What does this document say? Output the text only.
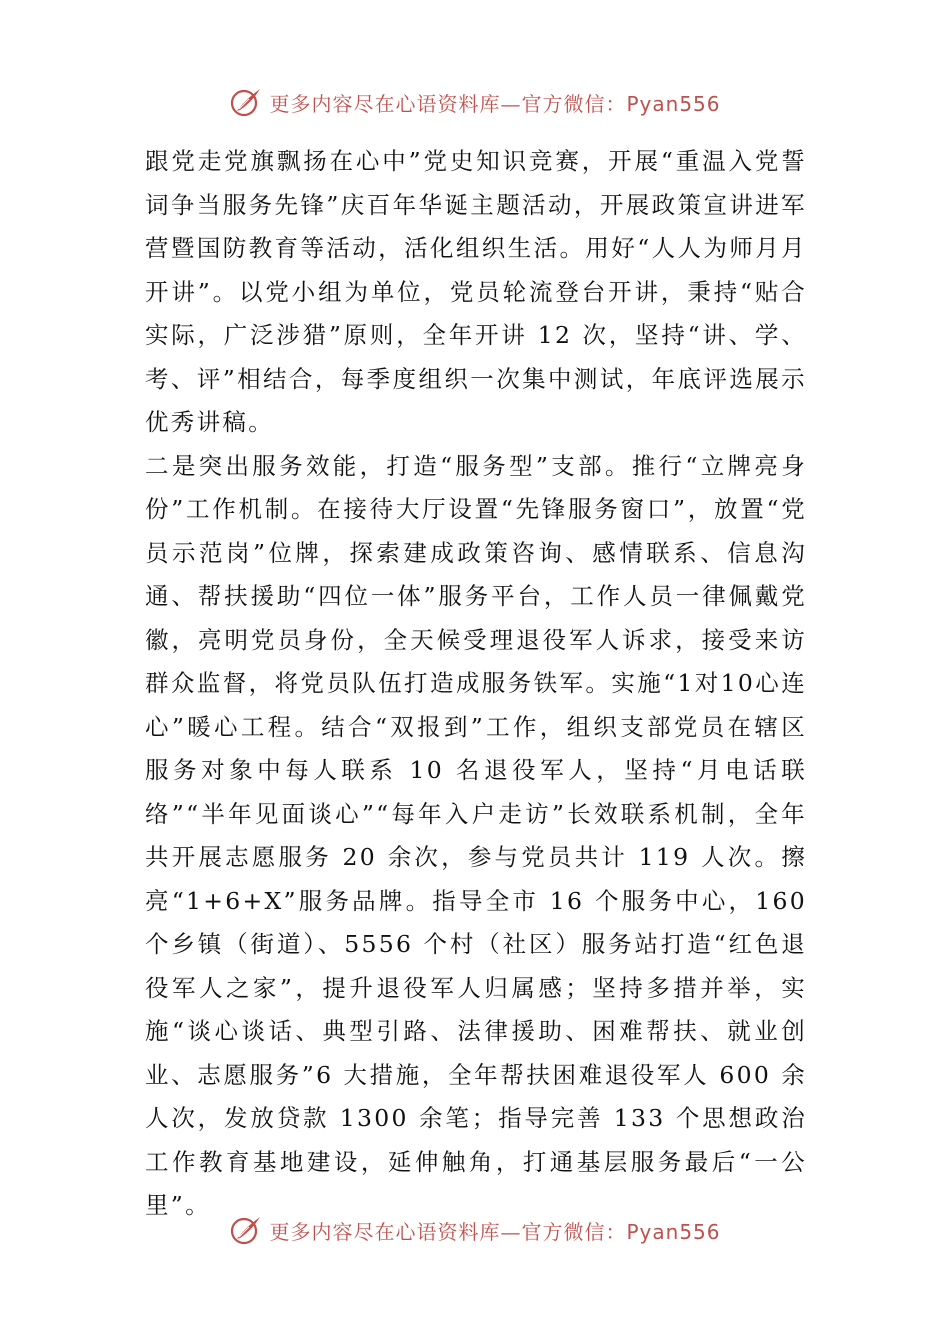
更多内容尽在心语资料库—官方微信：Pyan556

跟党走党旗飘扬在心中”党史知识竞赛，开展“重温入党誓词争当服务先锋”庆百年华诞主题活动，开展政策宣讲进军营暨国防教育等活动，活化组织生活。用好“人人为师月月开讲”。以党小组为单位，党员轮流登台开讲，秉持“贴合实际，广泛涉猎”原则，全年开讲 12 次，坚持“讲、学、考、评”相结合，每季度组织一次集中测试，年底评选展示优秀讲稿。

二是突出服务效能，打造“服务型”支部。推行“立牌亮身份”工作机制。在接待大厅设置“先锋服务窗口”，放置“党员示范岗”位牌，探索建成政策咨询、感情联系、信息沟通、帮扶援助“四位一体”服务平台，工作人员一律佩戴党徽，亮明党员身份，全天候受理退役军人诉求，接受来访群众监督，将党员队伍打造成服务铁军。实施“1对10心连心”暖心工程。结合“双报到”工作，组织支部党员在辖区服务对象中每人联系 10 名退役军人，坚持“月电话联络”“半年见面谈心”“每年入户走访”长效联系机制，全年共开展志愿服务 20 余次，参与党员共计 119 人次。擦亮“1+6+X”服务品牌。指导全市 16 个服务中心，160 个乡镇（街道）、5556 个村（社区）服务站打造“红色退役军人之家”，提升退役军人归属感；坚持多措并举，实施“谈心谈话、典型引路、法律援助、困难帮扶、就业创业、志愿服务”6 大措施，全年帮扶困难退役军人 600 余人次，发放贷款 1300 余笔；指导完善 133 个思想政治工作教育基地建设，延伸触角，打通基层服务最后“一公里”。

更多内容尽在心语资料库—官方微信：Pyan556
